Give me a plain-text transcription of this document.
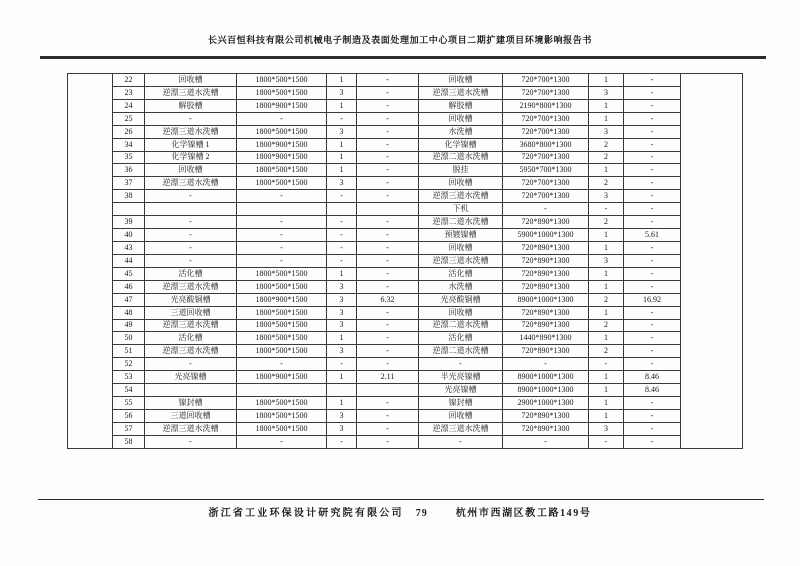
长兴百恒科技有限公司机械电子制造及表面处理加工中心项目二期扩建项目环境影响报告书
	22	回收槽	1800*500*1500	1	-	回收槽	720*700*1300	1	-	
	23	逆漂三道水洗槽	1800*500*1500	3	-	逆漂三道水洗槽	720*700*1300	3	-	
	24	解胶槽	1800*900*1500	1	-	解胶槽	2190*800*1300	1	-	
	25	-	-	-	-	回收槽	720*700*1300	1	-	
	26	逆漂三道水洗槽	1800*500*1500	3	-	水洗槽	720*700*1300	3	-	
	34	化学镍槽 1	1800*900*1500	1	-	化学镍槽	3680*800*1300	2	-	
	35	化学镍槽 2	1800*900*1500	1	-	逆漂二道水洗槽	720*700*1300	2	-	
	36	回收槽	1800*500*1500	1	-	脱挂	5950*700*1300	1	-	
	37	逆漂三道水洗槽	1800*500*1500	3	-	回收槽	720*700*1300	2	-	
	38	-	-	-	-	逆漂三道水洗槽	720*700*1300	3	-	
						下机	-	-	-	
	39	-	-	-	-	逆漂二道水洗槽	720*890*1300	2	-	
	40	-	-	-	-	预镀镍槽	5900*1000*1300	1	5.61	
	43	-	-	-	-	回收槽	720*890*1300	1	-	
	44	-	-	-	-	逆漂三道水洗槽	720*890*1300	3	-	
	45	活化槽	1800*500*1500	1	-	活化槽	720*890*1300	1	-	
	46	逆漂三道水洗槽	1800*500*1500	3	-	水洗槽	720*890*1300	1	-	
	47	光亮酸铜槽	1800*900*1500	3	6.32	光亮酸铜槽	8900*1000*1300	2	16.92	
	48	三道回收槽	1800*500*1500	3	-	回收槽	720*890*1300	1	-	
	49	逆漂三道水洗槽	1800*500*1500	3	-	逆漂二道水洗槽	720*890*1300	2	-	
	50	活化槽	1800*500*1500	1	-	活化槽	1440*890*1300	1	-	
	51	逆漂三道水洗槽	1800*500*1500	3	-	逆漂二道水洗槽	720*890*1300	2	-	
	52	-	-	-	-	-	-	-	-	
	53	光亮镍槽	1800*900*1500	1	2.11	半光亮镍槽	8900*1000*1300	1	8.46	
	54					光亮镍槽	8900*1000*1300	1	8.46	
	55	镍封槽	1800*500*1500	1	-	镍封槽	2900*1000*1300	1	-	
	56	三道回收槽	1800*500*1500	3	-	回收槽	720*890*1300	1	-	
	57	逆漂三道水洗槽	1800*500*1500	3	-	逆漂三道水洗槽	720*890*1300	3	-	
	58	-	-	-	-	-	-	-	-	
浙江省工业环保设计研究院有限公司 79	杭州市西湖区教工路149号
